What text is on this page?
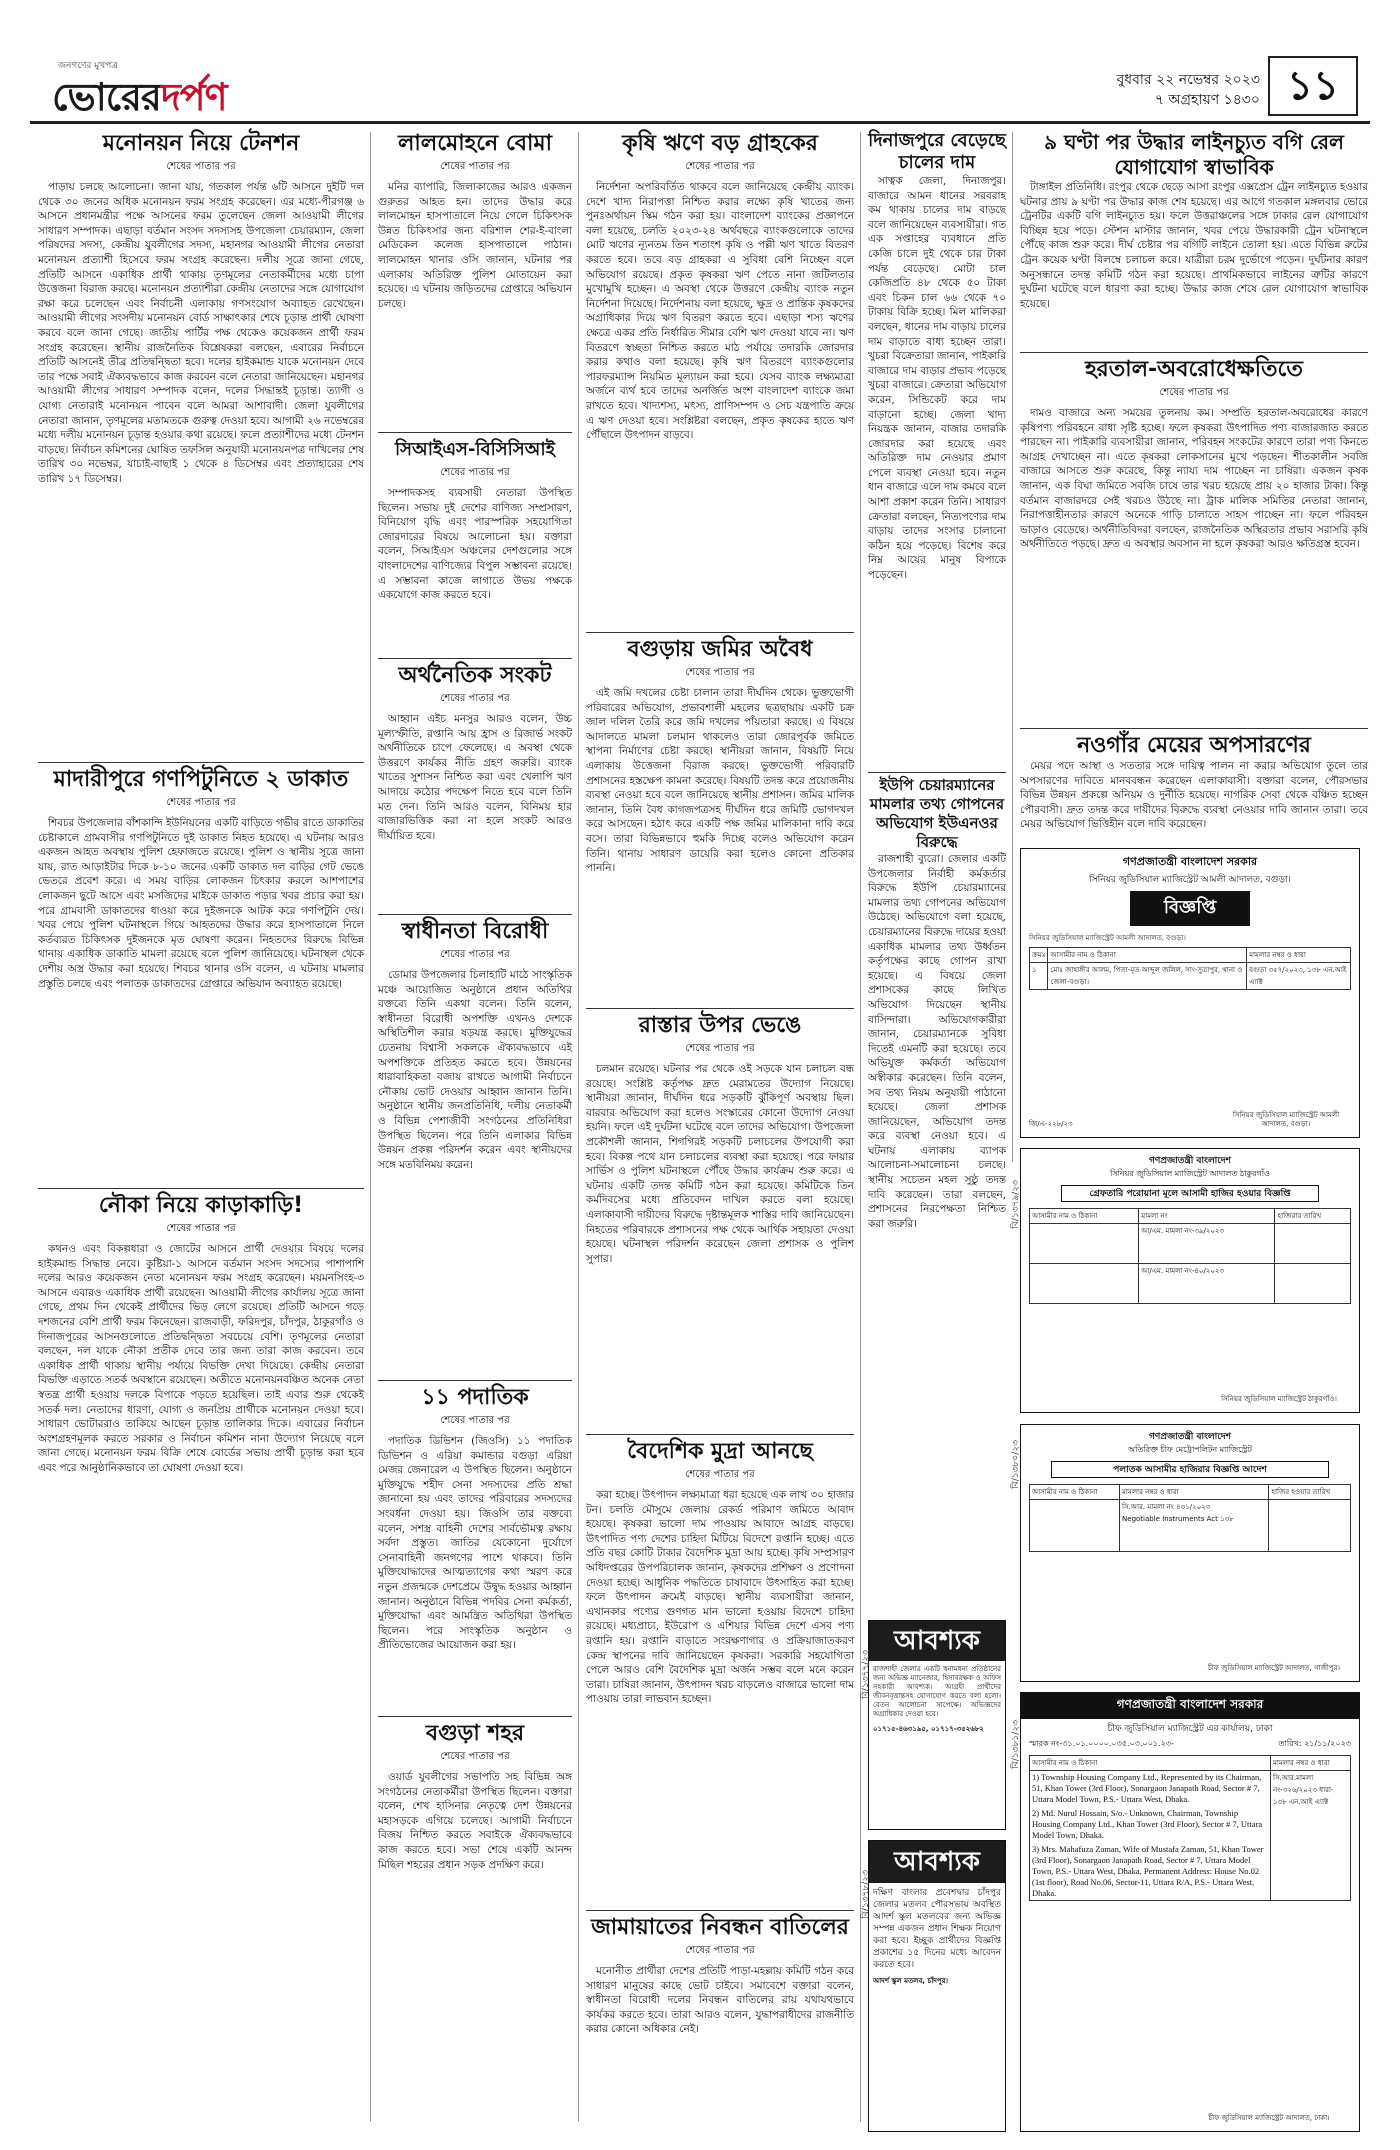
জনগণের মুখপত্র
ভোরেরদর্পণ	বুধবার ২২ নভেম্বর ২০২৩
৭ অগ্রহায়ণ ১৪৩০ ১১
মনোনয়ন নিয়ে টেনশন
শেষের পাতার পর

পাড়ায় চলছে আলোচনা। জানা যায়, গতকাল পর্যন্ত ৬টি আসনে দুইটি দল থেকে ৩০ জনের অধিক মনোনয়ন ফরম সংগ্রহ করেছেন। এর মধ্যে-পীরগঞ্জ ৬ আসনে প্রধানমন্ত্রীর পক্ষে আসনের ফরম তুলেছেন জেলা আওয়ামী লীগের সাধারণ সম্পাদক। এছাড়া বর্তমান সংসদ সদস্যসহ উপজেলা চেয়ারম্যান, জেলা পরিষদের সদস্য, কেন্দ্রীয় যুবলীগের সদস্য, মহানগর আওয়ামী লীগের নেতারা মনোনয়ন প্রত্যাশী হিসেবে ফরম সংগ্রহ করেছেন। দলীয় সূত্রে জানা গেছে, প্রতিটি আসনে একাধিক প্রার্থী থাকায় তৃণমূলের নেতাকর্মীদের মধ্যে চাপা উত্তেজনা বিরাজ করছে। মনোনয়ন প্রত্যাশীরা কেন্দ্রীয় নেতাদের সঙ্গে যোগাযোগ রক্ষা করে চলেছেন এবং নির্বাচনী এলাকায় গণসংযোগ অব্যাহত রেখেছেন। আওয়ামী লীগের সংসদীয় মনোনয়ন বোর্ড সাক্ষাৎকার শেষে চূড়ান্ত প্রার্থী ঘোষণা করবে বলে জানা গেছে। জাতীয় পার্টির পক্ষ থেকেও কয়েকজন প্রার্থী ফরম সংগ্রহ করেছেন। স্থানীয় রাজনৈতিক বিশ্লেষকরা বলছেন, এবারের নির্বাচনে প্রতিটি আসনেই তীব্র প্রতিদ্বন্দ্বিতা হবে। দলের হাইকমান্ড যাকে মনোনয়ন দেবে তার পক্ষে সবাই ঐক্যবদ্ধভাবে কাজ করবেন বলে নেতারা জানিয়েছেন। মহানগর আওয়ামী লীগের সাধারণ সম্পাদক বলেন, দলের সিদ্ধান্তই চূড়ান্ত। ত্যাগী ও যোগ্য নেতারাই মনোনয়ন পাবেন বলে আমরা আশাবাদী। জেলা যুবলীগের নেতারা জানান, তৃণমূলের মতামতকে গুরুত্ব দেওয়া হবে। আগামী ২৬ নভেম্বরের মধ্যে দলীয় মনোনয়ন চূড়ান্ত হওয়ার কথা রয়েছে। ফলে প্রত্যাশীদের মধ্যে টেনশন বাড়ছে। নির্বাচন কমিশনের ঘোষিত তফসিল অনুযায়ী মনোনয়নপত্র দাখিলের শেষ তারিখ ৩০ নভেম্বর, যাচাই-বাছাই ১ থেকে ৪ ডিসেম্বর এবং প্রত্যাহারের শেষ তারিখ ১৭ ডিসেম্বর।

মাদারীপুরে গণপিটুনিতে ২ ডাকাত
শেষের পাতার পর

শিবচর উপজেলার বাঁশকান্দি ইউনিয়নের একটি বাড়িতে গভীর রাতে ডাকাতির চেষ্টাকালে গ্রামবাসীর গণপিটুনিতে দুই ডাকাত নিহত হয়েছে। এ ঘটনায় আরও একজন আহত অবস্থায় পুলিশ হেফাজতে রয়েছে। পুলিশ ও স্থানীয় সূত্রে জানা যায়, রাত আড়াইটার দিকে ৮-১০ জনের একটি ডাকাত দল বাড়ির গেট ভেঙে ভেতরে প্রবেশ করে। এ সময় বাড়ির লোকজন চিৎকার করলে আশপাশের লোকজন ছুটে আসে এবং মসজিদের মাইকে ডাকাত পড়ার খবর প্রচার করা হয়। পরে গ্রামবাসী ডাকাতদের ধাওয়া করে দুইজনকে আটক করে গণপিটুনি দেয়। খবর পেয়ে পুলিশ ঘটনাস্থলে গিয়ে আহতদের উদ্ধার করে হাসপাতালে নিলে কর্তব্যরত চিকিৎসক দুইজনকে মৃত ঘোষণা করেন। নিহতদের বিরুদ্ধে বিভিন্ন থানায় একাধিক ডাকাতি মামলা রয়েছে বলে পুলিশ জানিয়েছে। ঘটনাস্থল থেকে দেশীয় অস্ত্র উদ্ধার করা হয়েছে। শিবচর থানার ওসি বলেন, এ ঘটনায় মামলার প্রস্তুতি চলছে এবং পলাতক ডাকাতদের গ্রেপ্তারে অভিযান অব্যাহত রয়েছে।

নৌকা নিয়ে কাড়াকাড়ি!
শেষের পাতার পর

কথনও এবং বিকল্পধারা ও জোটের আসনে প্রার্থী দেওয়ার বিষয়ে দলের হাইকমান্ড সিদ্ধান্ত নেবে। কুষ্টিয়া-১ আসনে বর্তমান সংসদ সদস্যের পাশাপাশি দলের আরও কয়েকজন নেতা মনোনয়ন ফরম সংগ্রহ করেছেন। ময়মনসিংহ-৩ আসনে এবারও একাধিক প্রার্থী রয়েছেন। আওয়ামী লীগের কার্যালয় সূত্রে জানা গেছে, প্রথম দিন থেকেই প্রার্থীদের ভিড় লেগে রয়েছে। প্রতিটি আসনে গড়ে দশজনের বেশি প্রার্থী ফরম কিনেছেন। রাজবাড়ী, ফরিদপুর, চাঁদপুর, ঠাকুরগাঁও ও দিনাজপুরের আসনগুলোতে প্রতিদ্বন্দ্বিতা সবচেয়ে বেশি। তৃণমূলের নেতারা বলছেন, দল যাকে নৌকা প্রতীক দেবে তার জন্য তারা কাজ করবেন। তবে একাধিক প্রার্থী থাকায় স্থানীয় পর্যায়ে বিভক্তি দেখা দিয়েছে। কেন্দ্রীয় নেতারা বিভক্তি এড়াতে সতর্ক অবস্থানে রয়েছেন। অতীতে মনোনয়নবঞ্চিত অনেক নেতা স্বতন্ত্র প্রার্থী হওয়ায় দলকে বিপাকে পড়তে হয়েছিল। তাই এবার শুরু থেকেই সতর্ক দল। নেতাদের ধারণা, যোগ্য ও জনপ্রিয় প্রার্থীকে মনোনয়ন দেওয়া হবে। সাধারণ ভোটাররাও তাকিয়ে আছেন চূড়ান্ত তালিকার দিকে। এবারের নির্বাচন অংশগ্রহণমূলক করতে সরকার ও নির্বাচন কমিশন নানা উদ্যোগ নিয়েছে বলে জানা গেছে। মনোনয়ন ফরম বিক্রি শেষে বোর্ডের সভায় প্রার্থী চূড়ান্ত করা হবে এবং পরে আনুষ্ঠানিকভাবে তা ঘোষণা দেওয়া হবে।

লালমোহনে বোমা
শেষের পাতার পর

মনির ব্যাপারি, জিলাকাজের আরও একজন গুরুতর আহত হন। তাদের উদ্ধার করে লালমোহন হাসপাতালে নিয়ে গেলে চিকিৎসক উন্নত চিকিৎসার জন্য বরিশাল শের-ই-বাংলা মেডিকেল কলেজ হাসপাতালে পাঠান। লালমোহন থানার ওসি জানান, ঘটনার পর এলাকায় অতিরিক্ত পুলিশ মোতায়েন করা হয়েছে। এ ঘটনায় জড়িতদের গ্রেপ্তারে অভিযান চলছে।

সিআইএস-বিসিসিআই
শেষের পাতার পর

সম্পাদকসহ ব্যবসায়ী নেতারা উপস্থিত ছিলেন। সভায় দুই দেশের বাণিজ্য সম্প্রসারণ, বিনিয়োগ বৃদ্ধি এবং পারস্পরিক সহযোগিতা জোরদারের বিষয়ে আলোচনা হয়। বক্তারা বলেন, সিআইএস অঞ্চলের দেশগুলোর সঙ্গে বাংলাদেশের বাণিজ্যের বিপুল সম্ভাবনা রয়েছে। এ সম্ভাবনা কাজে লাগাতে উভয় পক্ষকে একযোগে কাজ করতে হবে।

অর্থনৈতিক সংকট
শেষের পাতার পর

আহ্বান এইচ মনসুর আরও বলেন, উচ্চ মূল্যস্ফীতি, রপ্তানি আয় হ্রাস ও রিজার্ভ সংকট অর্থনীতিকে চাপে ফেলেছে। এ অবস্থা থেকে উত্তরণে কার্যকর নীতি গ্রহণ জরুরি। ব্যাংক খাতের সুশাসন নিশ্চিত করা এবং খেলাপি ঋণ আদায়ে কঠোর পদক্ষেপ নিতে হবে বলে তিনি মত দেন। তিনি আরও বলেন, বিনিময় হার বাজারভিত্তিক করা না হলে সংকট আরও দীর্ঘায়িত হবে।

স্বাধীনতা বিরোধী
শেষের পাতার পর

ডোমার উপজেলার চিলাহাটি মাঠে সাংস্কৃতিক মঞ্চে আয়োজিত অনুষ্ঠানে প্রধান অতিথির বক্তব্যে তিনি একথা বলেন। তিনি বলেন, স্বাধীনতা বিরোধী অপশক্তি এখনও দেশকে অস্থিতিশীল করার ষড়যন্ত্র করছে। মুক্তিযুদ্ধের চেতনায় বিশ্বাসী সকলকে ঐক্যবদ্ধভাবে এই অপশক্তিকে প্রতিহত করতে হবে। উন্নয়নের ধারাবাহিকতা বজায় রাখতে আগামী নির্বাচনে নৌকায় ভোট দেওয়ার আহ্বান জানান তিনি। অনুষ্ঠানে স্থানীয় জনপ্রতিনিধি, দলীয় নেতাকর্মী ও বিভিন্ন পেশাজীবী সংগঠনের প্রতিনিধিরা উপস্থিত ছিলেন। পরে তিনি এলাকার বিভিন্ন উন্নয়ন প্রকল্প পরিদর্শন করেন এবং স্থানীয়দের সঙ্গে মতবিনিময় করেন।

১১ পদাতিক
শেষের পাতার পর

পদাতিক ডিভিশন (জিওসি) ১১ পদাতিক ডিভিশন ও এরিয়া কমান্ডার বগুড়া এরিয়া মেজর জেনারেল এ উপস্থিত ছিলেন। অনুষ্ঠানে মুক্তিযুদ্ধে শহীদ সেনা সদস্যদের প্রতি শ্রদ্ধা জানানো হয় এবং তাদের পরিবারের সদস্যদের সংবর্ধনা দেওয়া হয়। জিওসি তার বক্তব্যে বলেন, সশস্ত্র বাহিনী দেশের সার্বভৌমত্ব রক্ষায় সর্বদা প্রস্তুত। জাতির যেকোনো দুর্যোগে সেনাবাহিনী জনগণের পাশে থাকবে। তিনি মুক্তিযোদ্ধাদের আত্মত্যাগের কথা স্মরণ করে নতুন প্রজন্মকে দেশপ্রেমে উদ্বুদ্ধ হওয়ার আহ্বান জানান। অনুষ্ঠানে বিভিন্ন পদবির সেনা কর্মকর্তা, মুক্তিযোদ্ধা এবং আমন্ত্রিত অতিথিরা উপস্থিত ছিলেন। পরে সাংস্কৃতিক অনুষ্ঠান ও প্রীতিভোজের আয়োজন করা হয়।

বগুড়া শহর
শেষের পাতার পর

ওয়ার্ড যুবলীগের সভাপতি সহ বিভিন্ন অঙ্গ সংগঠনের নেতাকর্মীরা উপস্থিত ছিলেন। বক্তারা বলেন, শেখ হাসিনার নেতৃত্বে দেশ উন্নয়নের মহাসড়কে এগিয়ে চলেছে। আগামী নির্বাচনে বিজয় নিশ্চিত করতে সবাইকে ঐক্যবদ্ধভাবে কাজ করতে হবে। সভা শেষে একটি আনন্দ মিছিল শহরের প্রধান সড়ক প্রদক্ষিণ করে।

কৃষি ঋণে বড় গ্রাহকের
শেষের পাতার পর

নির্দেশনা অপরিবর্তিত থাকবে বলে জানিয়েছে কেন্দ্রীয় ব্যাংক। দেশে খাদ্য নিরাপত্তা নিশ্চিত করার লক্ষ্যে কৃষি খাতের জন্য পুনঃঅর্থায়ন স্কিম গঠন করা হয়। বাংলাদেশ ব্যাংকের প্রজ্ঞাপনে বলা হয়েছে, চলতি ২০২৩-২৪ অর্থবছরে ব্যাংকগুলোকে তাদের মোট ঋণের ন্যূনতম তিন শতাংশ কৃষি ও পল্লী ঋণ খাতে বিতরণ করতে হবে। তবে বড় গ্রাহকরা এ সুবিধা বেশি নিচ্ছেন বলে অভিযোগ রয়েছে। প্রকৃত কৃষকরা ঋণ পেতে নানা জটিলতার মুখোমুখি হচ্ছেন। এ অবস্থা থেকে উত্তরণে কেন্দ্রীয় ব্যাংক নতুন নির্দেশনা দিয়েছে। নির্দেশনায় বলা হয়েছে, ক্ষুদ্র ও প্রান্তিক কৃষকদের অগ্রাধিকার দিয়ে ঋণ বিতরণ করতে হবে। এছাড়া শস্য ঋণের ক্ষেত্রে একর প্রতি নির্ধারিত সীমার বেশি ঋণ দেওয়া যাবে না। ঋণ বিতরণে স্বচ্ছতা নিশ্চিত করতে মাঠ পর্যায়ে তদারকি জোরদার করার কথাও বলা হয়েছে। কৃষি ঋণ বিতরণে ব্যাংকগুলোর পারফরম্যান্স নিয়মিত মূল্যায়ন করা হবে। যেসব ব্যাংক লক্ষ্যমাত্রা অর্জনে ব্যর্থ হবে তাদের অনর্জিত অংশ বাংলাদেশ ব্যাংকে জমা রাখতে হবে। খাদ্যশস্য, মৎস্য, প্রাণিসম্পদ ও সেচ যন্ত্রপাতি ক্রয়ে এ ঋণ দেওয়া হবে। সংশ্লিষ্টরা বলছেন, প্রকৃত কৃষকের হাতে ঋণ পৌঁছালে উৎপাদন বাড়বে।

বগুড়ায় জমির অবৈধ
শেষের পাতার পর

এই জমি দখলের চেষ্টা চালান তারা দীর্ঘদিন থেকে। ভুক্তভোগী পরিবারের অভিযোগ, প্রভাবশালী মহলের ছত্রছায়ায় একটি চক্র জাল দলিল তৈরি করে জমি দখলের পাঁয়তারা করছে। এ বিষয়ে আদালতে মামলা চলমান থাকলেও তারা জোরপূর্বক জমিতে স্থাপনা নির্মাণের চেষ্টা করছে। স্থানীয়রা জানান, বিষয়টি নিয়ে এলাকায় উত্তেজনা বিরাজ করছে। ভুক্তভোগী পরিবারটি প্রশাসনের হস্তক্ষেপ কামনা করেছে। বিষয়টি তদন্ত করে প্রয়োজনীয় ব্যবস্থা নেওয়া হবে বলে জানিয়েছে স্থানীয় প্রশাসন। জমির মালিক জানান, তিনি বৈধ কাগজপত্রসহ দীর্ঘদিন ধরে জমিটি ভোগদখল করে আসছেন। হঠাৎ করে একটি পক্ষ জমির মালিকানা দাবি করে বসে। তারা বিভিন্নভাবে হুমকি দিচ্ছে বলেও অভিযোগ করেন তিনি। থানায় সাধারণ ডায়েরি করা হলেও কোনো প্রতিকার পাননি।

রাস্তার উপর ভেঙে
শেষের পাতার পর

চলমান রয়েছে। ঘটনার পর থেকে ওই সড়কে যান চলাচল বন্ধ রয়েছে। সংশ্লিষ্ট কর্তৃপক্ষ দ্রুত মেরামতের উদ্যোগ নিয়েছে। স্থানীয়রা জানান, দীর্ঘদিন ধরে সড়কটি ঝুঁকিপূর্ণ অবস্থায় ছিল। বারবার অভিযোগ করা হলেও সংস্কারের কোনো উদ্যোগ নেওয়া হয়নি। ফলে এই দুর্ঘটনা ঘটেছে বলে তাদের অভিযোগ। উপজেলা প্রকৌশলী জানান, শিগগিরই সড়কটি চলাচলের উপযোগী করা হবে। বিকল্প পথে যান চলাচলের ব্যবস্থা করা হয়েছে। পরে ফায়ার সার্ভিস ও পুলিশ ঘটনাস্থলে পৌঁছে উদ্ধার কার্যক্রম শুরু করে। এ ঘটনায় একটি তদন্ত কমিটি গঠন করা হয়েছে। কমিটিকে তিন কর্মদিবসের মধ্যে প্রতিবেদন দাখিল করতে বলা হয়েছে। এলাকাবাসী দায়ীদের বিরুদ্ধে দৃষ্টান্তমূলক শাস্তির দাবি জানিয়েছেন। নিহতের পরিবারকে প্রশাসনের পক্ষ থেকে আর্থিক সহায়তা দেওয়া হয়েছে। ঘটনাস্থল পরিদর্শন করেছেন জেলা প্রশাসক ও পুলিশ সুপার।

বৈদেশিক মুদ্রা আনছে
শেষের পাতার পর

করা হচ্ছে। উৎপাদন লক্ষ্যমাত্রা ধরা হয়েছে এক লাখ ৩০ হাজার টন। চলতি মৌসুমে জেলায় রেকর্ড পরিমাণ জমিতে আবাদ হয়েছে। কৃষকরা ভালো দাম পাওয়ায় আবাদে আগ্রহ বাড়ছে। উৎপাদিত পণ্য দেশের চাহিদা মিটিয়ে বিদেশে রপ্তানি হচ্ছে। এতে প্রতি বছর কোটি টাকার বৈদেশিক মুদ্রা আয় হচ্ছে। কৃষি সম্প্রসারণ অধিদপ্তরের উপপরিচালক জানান, কৃষকদের প্রশিক্ষণ ও প্রণোদনা দেওয়া হচ্ছে। আধুনিক পদ্ধতিতে চাষাবাদে উৎসাহিত করা হচ্ছে। ফলে উৎপাদন ক্রমেই বাড়ছে। স্থানীয় ব্যবসায়ীরা জানান, এখানকার পণ্যের গুণগত মান ভালো হওয়ায় বিদেশে চাহিদা রয়েছে। মধ্যপ্রাচ্য, ইউরোপ ও এশিয়ার বিভিন্ন দেশে এসব পণ্য রপ্তানি হয়। রপ্তানি বাড়াতে সংরক্ষণাগার ও প্রক্রিয়াজাতকরণ কেন্দ্র স্থাপনের দাবি জানিয়েছেন কৃষকরা। সরকারি সহযোগিতা পেলে আরও বেশি বৈদেশিক মুদ্রা অর্জন সম্ভব বলে মনে করেন তারা। চাষিরা জানান, উৎপাদন খরচ বাড়লেও বাজারে ভালো দাম পাওয়ায় তারা লাভবান হচ্ছেন।

জামায়াতের নিবন্ধন বাতিলের
শেষের পাতার পর

মনোনীত প্রার্থীরা দেশের প্রতিটি পাড়া-মহল্লায় কমিটি গঠন করে সাধারণ মানুষের কাছে ভোট চাইবে। সমাবেশে বক্তারা বলেন, স্বাধীনতা বিরোধী দলের নিবন্ধন বাতিলের রায় যথাযথভাবে কার্যকর করতে হবে। তারা আরও বলেন, যুদ্ধাপরাধীদের রাজনীতি করার কোনো অধিকার নেই।

দিনাজপুরে বেড়েছে চালের দাম

সাত্বক জেলা, দিনাজপুর। বাজারে আমন ধানের সরবরাহ কম থাকায় চালের দাম বাড়ছে বলে জানিয়েছেন ব্যবসায়ীরা। গত এক সপ্তাহের ব্যবধানে প্রতি কেজি চালে দুই থেকে চার টাকা পর্যন্ত বেড়েছে। মোটা চাল কেজিপ্রতি ৪৮ থেকে ৫০ টাকা এবং চিকন চাল ৬৬ থেকে ৭০ টাকায় বিক্রি হচ্ছে। মিল মালিকরা বলছেন, ধানের দাম বাড়ায় চালের দাম বাড়াতে বাধ্য হচ্ছেন তারা। খুচরা বিক্রেতারা জানান, পাইকারি বাজারে দাম বাড়ার প্রভাব পড়েছে খুচরা বাজারে। ক্রেতারা অভিযোগ করেন, সিন্ডিকেট করে দাম বাড়ানো হচ্ছে। জেলা খাদ্য নিয়ন্ত্রক জানান, বাজার তদারকি জোরদার করা হয়েছে এবং অতিরিক্ত দাম নেওয়ার প্রমাণ পেলে ব্যবস্থা নেওয়া হবে। নতুন ধান বাজারে এলে দাম কমবে বলে আশা প্রকাশ করেন তিনি। সাধারণ ক্রেতারা বলছেন, নিত্যপণ্যের দাম বাড়ায় তাদের সংসার চালানো কঠিন হয়ে পড়েছে। বিশেষ করে নিম্ন আয়ের মানুষ বিপাকে পড়েছেন।

ইউপি চেয়ারম্যানের মামলার তথ্য গোপনের অভিযোগ ইউএনওর বিরুদ্ধে

রাজশাহী ব্যুরো। জেলার একটি উপজেলার নির্বাহী কর্মকর্তার বিরুদ্ধে ইউপি চেয়ারম্যানের মামলার তথ্য গোপনের অভিযোগ উঠেছে। অভিযোগে বলা হয়েছে, চেয়ারম্যানের বিরুদ্ধে দায়ের হওয়া একাধিক মামলার তথ্য উর্ধ্বতন কর্তৃপক্ষের কাছে গোপন রাখা হয়েছে। এ বিষয়ে জেলা প্রশাসকের কাছে লিখিত অভিযোগ দিয়েছেন স্থানীয় বাসিন্দারা। অভিযোগকারীরা জানান, চেয়ারম্যানকে সুবিধা দিতেই এমনটি করা হয়েছে। তবে অভিযুক্ত কর্মকর্তা অভিযোগ অস্বীকার করেছেন। তিনি বলেন, সব তথ্য নিয়ম অনুযায়ী পাঠানো হয়েছে। জেলা প্রশাসক জানিয়েছেন, অভিযোগ তদন্ত করে ব্যবস্থা নেওয়া হবে। এ ঘটনায় এলাকায় ব্যাপক আলোচনা-সমালোচনা চলছে। স্থানীয় সচেতন মহল সুষ্ঠু তদন্ত দাবি করেছেন। তারা বলছেন, প্রশাসনের নিরপেক্ষতা নিশ্চিত করা জরুরি।

৯ ঘণ্টা পর উদ্ধার লাইনচ্যুত বগি রেল যোগাযোগ স্বাভাবিক

টাঙ্গাইল প্রতিনিধি। রংপুর থেকে ছেড়ে আসা রংপুর এক্সপ্রেস ট্রেন লাইনচ্যুত হওয়ার ঘটনার প্রায় ৯ ঘণ্টা পর উদ্ধার কাজ শেষ হয়েছে। এর আগে গতকাল মঙ্গলবার ভোরে ট্রেনটির একটি বগি লাইনচ্যুত হয়। ফলে উত্তরাঞ্চলের সঙ্গে ঢাকার রেল যোগাযোগ বিচ্ছিন্ন হয়ে পড়ে। স্টেশন মাস্টার জানান, খবর পেয়ে উদ্ধারকারী ট্রেন ঘটনাস্থলে পৌঁছে কাজ শুরু করে। দীর্ঘ চেষ্টার পর বগিটি লাইনে তোলা হয়। এতে বিভিন্ন রুটের ট্রেন কয়েক ঘণ্টা বিলম্বে চলাচল করে। যাত্রীরা চরম দুর্ভোগে পড়েন। দুর্ঘটনার কারণ অনুসন্ধানে তদন্ত কমিটি গঠন করা হয়েছে। প্রাথমিকভাবে লাইনের ত্রুটির কারণে দুর্ঘটনা ঘটেছে বলে ধারণা করা হচ্ছে। উদ্ধার কাজ শেষে রেল যোগাযোগ স্বাভাবিক হয়েছে।

হরতাল-অবরোধেক্ষতিতে
শেষের পাতার পর

দামও বাজারে অন্য সময়ের তুলনায় কম। সম্প্রতি হরতাল-অবরোধের কারণে কৃষিপণ্য পরিবহনে বাধা সৃষ্টি হচ্ছে। ফলে কৃষকরা উৎপাদিত পণ্য বাজারজাত করতে পারছেন না। পাইকারি ব্যবসায়ীরা জানান, পরিবহন সংকটের কারণে তারা পণ্য কিনতে আগ্রহ দেখাচ্ছেন না। এতে কৃষকরা লোকসানের মুখে পড়ছেন। শীতকালীন সবজি বাজারে আসতে শুরু করেছে, কিন্তু ন্যায্য দাম পাচ্ছেন না চাষিরা। একজন কৃষক জানান, এক বিঘা জমিতে সবজি চাষে তার খরচ হয়েছে প্রায় ২০ হাজার টাকা। কিন্তু বর্তমান বাজারদরে সেই খরচও উঠছে না। ট্রাক মালিক সমিতির নেতারা জানান, নিরাপত্তাহীনতার কারণে অনেকে গাড়ি চালাতে সাহস পাচ্ছেন না। ফলে পরিবহন ভাড়াও বেড়েছে। অর্থনীতিবিদরা বলছেন, রাজনৈতিক অস্থিরতার প্রভাব সরাসরি কৃষি অর্থনীতিতে পড়ছে। দ্রুত এ অবস্থার অবসান না হলে কৃষকরা আরও ক্ষতিগ্রস্ত হবেন।

নওগাঁর মেয়ের অপসারণের

মেয়র পদে আস্থা ও সততার সঙ্গে দায়িত্ব পালন না করার অভিযোগ তুলে তার অপসারণের দাবিতে মানববন্ধন করেছেন এলাকাবাসী। বক্তারা বলেন, পৌরসভার বিভিন্ন উন্নয়ন প্রকল্পে অনিয়ম ও দুর্নীতি হয়েছে। নাগরিক সেবা থেকে বঞ্চিত হচ্ছেন পৌরবাসী। দ্রুত তদন্ত করে দায়ীদের বিরুদ্ধে ব্যবস্থা নেওয়ার দাবি জানান তারা। তবে মেয়র অভিযোগ ভিত্তিহীন বলে দাবি করেছেন।

গণপ্রজাতন্ত্রী বাংলাদেশ সরকার
সিনিয়র জুডিসিয়াল ম্যাজিস্ট্রেট আমলী আদালত, বগুড়া।
বিজ্ঞপ্তি
সিনিয়র জুডিসিয়াল ম্যাজিস্ট্রেট আমলী আদালত, বগুড়া।
ক্রমঃ	আসামীর নাম ও ঠিকানা	মামলার নম্বর ও ধারা
১	মোঃ জাহাঙ্গীর আলম, পিতা-মৃত আব্দুল জলিল, সাং-সুত্রাপুর, থানা ও জেলা-বগুড়া।	বগুড়া ৩৫৭/২০২৩, ১৩৮ এন.আই এ্যাক্ট
জি/এ-২২৮/২৩
সিনিয়র জুডিসিয়াল ম্যাজিস্ট্রেট আমলী আদালত, বগুড়া।
গণপ্রজাতন্ত্রী বাংলাদেশ
সিনিয়র জুডিসিয়াল ম্যাজিস্ট্রেট আদালত ঠাকুরগাঁও
গ্রেফতারি পরোয়ানা মূলে আসামী হাজির হওয়ার বিজ্ঞপ্তি
আসামীর নাম ও ঠিকানা	মামলা নং	হাজিরার তারিখ
	আ/এম. মামলা নং-৩৯/২০২৩	
	আ/এম. মামলা নং-৪০/২০২৩	
সিনিয়র জুডিসিয়াল ম্যাজিস্ট্রেট ঠাকুরগাঁও।
গণপ্রজাতন্ত্রী বাংলাদেশ
অতিরিক্ত চীফ মেট্রোপলিটন ম্যাজিস্ট্রেট
পলাতক আসামীর হাজিরার বিজ্ঞপ্তি আদেশ
আসামীর নাম ও ঠিকানা	মামলার নম্বর ও ধারা	হাজির হওয়ার তারিখ
	সি.আর. মামলা নং ৪৩১/২০২৩
Negotiable Instruments Act ১৩৮	
চীফ জুডিসিয়াল ম্যাজিস্ট্রেট আদালত, গাজীপুর।
আবশ্যক
রাজশাহী জেলার একটি স্বনামধন্য প্রতিষ্ঠানের জন্য অভিজ্ঞ ম্যানেজার, হিসাবরক্ষক ও অফিস সহকারী আবশ্যক। আগ্রহী প্রার্থীদের জীবনবৃত্তান্তসহ যোগাযোগ করতে বলা হলো। বেতন আলোচনা সাপেক্ষে। অভিজ্ঞদের অগ্রাধিকার দেওয়া হবে।
০১৭১৫-৪৬৩১৯৫, ০১৭১৭-৩৫২৬৮২
আবশ্যক
দক্ষিণ বাংলার প্রবেশদ্বার চাঁদপুর জেলার মতলব পৌরসভায় অবস্থিত আদর্শ স্কুল মতলবের জন্য অভিজ্ঞ সম্পন্ন একজন প্রধান শিক্ষক নিয়োগ করা হবে। ইচ্ছুক প্রার্থীদের বিজ্ঞপ্তি প্রকাশের ১৫ দিনের মধ্যে আবেদন করতে হবে।
আদর্শ স্কুল মতলব, চাঁদপুর।
গণপ্রজাতন্ত্রী বাংলাদেশ সরকার
চীফ জুডিসিয়াল ম্যাজিস্ট্রেট এর কার্যালয়, ঢাকা
স্মারক নং-৩১.০১.০০০০.০৩৫.০৩.০০১.২৩-	তারিখ: ২১/১১/২০২৩
আসামীর নাম ও ঠিকানা	মামলার নম্বর ও ধারা

1) Township Housing Company Ltd., Represented by its Chairman, 51, Khan Tower (3rd Floor), Sonargaon Janapath Road, Sector # 7, Uttara Model Town, P.S.- Uttara West, Dhaka.
2) Md. Nurul Hossain, S/o.- Unknown, Chairman, Township Housing Company Ltd., Khan Tower (3rd Floor), Sector # 7, Uttara Model Town, Dhaka.
3) Mrs. Mahafuza Zaman, Wife of Mustafa Zaman, 51, Khan Tower (3rd Floor), Sonargaon Janapath Road, Sector # 7, Uttara Model Town, P.S.- Uttara West, Dhaka, Permanent Address: House No.02 (1st floor), Road No.06, Sector-11, Uttara R/A, P.S.- Uttara West, Dhaka.	সি.আর.মামলা নং-৩২৬/২০২৩ ধারা- ১৩৮ এন.আই এ্যাক্ট
চীফ জুডিসিয়াল ম্যাজিস্ট্রেট আদালত, ঢাকা।
বি/১৩৮০/২৩
বি/১৩৭৯/২৩
বি/১৩৮১/২৩
বি/১৩৭৭/২৩
বি/১৩৭৮/২৩
